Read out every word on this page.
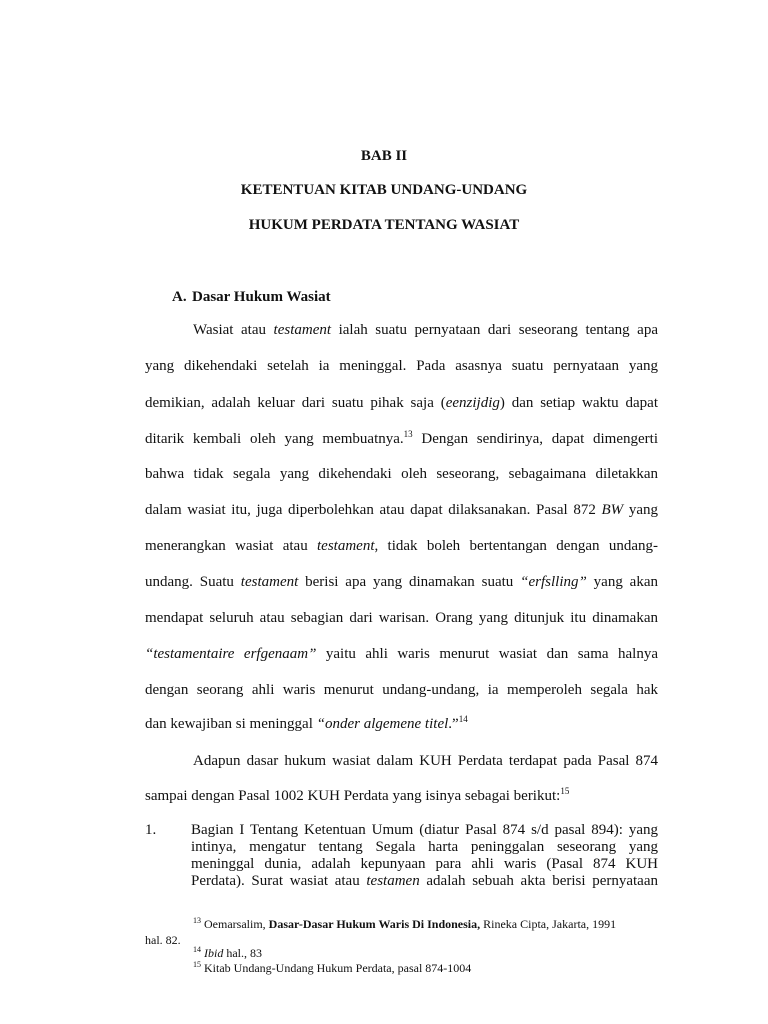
BAB II
KETENTUAN KITAB UNDANG-UNDANG
HUKUM PERDATA TENTANG WASIAT
A. Dasar Hukum Wasiat
Wasiat atau testament ialah suatu pernyataan dari seseorang tentang apa
yang dikehendaki setelah ia meninggal. Pada asasnya suatu pernyataan yang
demikian, adalah keluar dari suatu pihak saja (eenzijdig) dan setiap waktu dapat
ditarik kembali oleh yang membuatnya.$^{13}$ Dengan sendirinya, dapat dimengerti
bahwa tidak segala yang dikehendaki oleh seseorang, sebagaimana diletakkan
dalam wasiat itu, juga diperbolehkan atau dapat dilaksanakan. Pasal 872 BW yang
menerangkan wasiat atau testament, tidak boleh bertentangan dengan undang-
undang. Suatu testament berisi apa yang dinamakan suatu “erfslling” yang akan
mendapat seluruh atau sebagian dari warisan. Orang yang ditunjuk itu dinamakan
“testamentaire erfgenaam” yaitu ahli waris menurut wasiat dan sama halnya
dengan seorang ahli waris menurut undang-undang, ia memperoleh segala hak
dan kewajiban si meninggal “onder algemene titel.”$^{14}$
Adapun dasar hukum wasiat dalam KUH Perdata terdapat pada Pasal 874
sampai dengan Pasal 1002 KUH Perdata yang isinya sebagai berikut:$^{15}$
1. Bagian I Tentang Ketentuan Umum (diatur Pasal 874 s/d pasal 894): yang
intinya, mengatur tentang Segala harta peninggalan seseorang yang
meninggal dunia, adalah kepunyaan para ahli waris (Pasal 874 KUH
Perdata). Surat wasiat atau testamen adalah sebuah akta berisi pernyataan
$^{13}$ Oemarsalim, Dasar-Dasar Hukum Waris Di Indonesia, Rineka Cipta, Jakarta, 1991
hal. 82.
$^{14}$ Ibid hal., 83
$^{15}$ Kitab Undang-Undang Hukum Perdata, pasal 874-1004
